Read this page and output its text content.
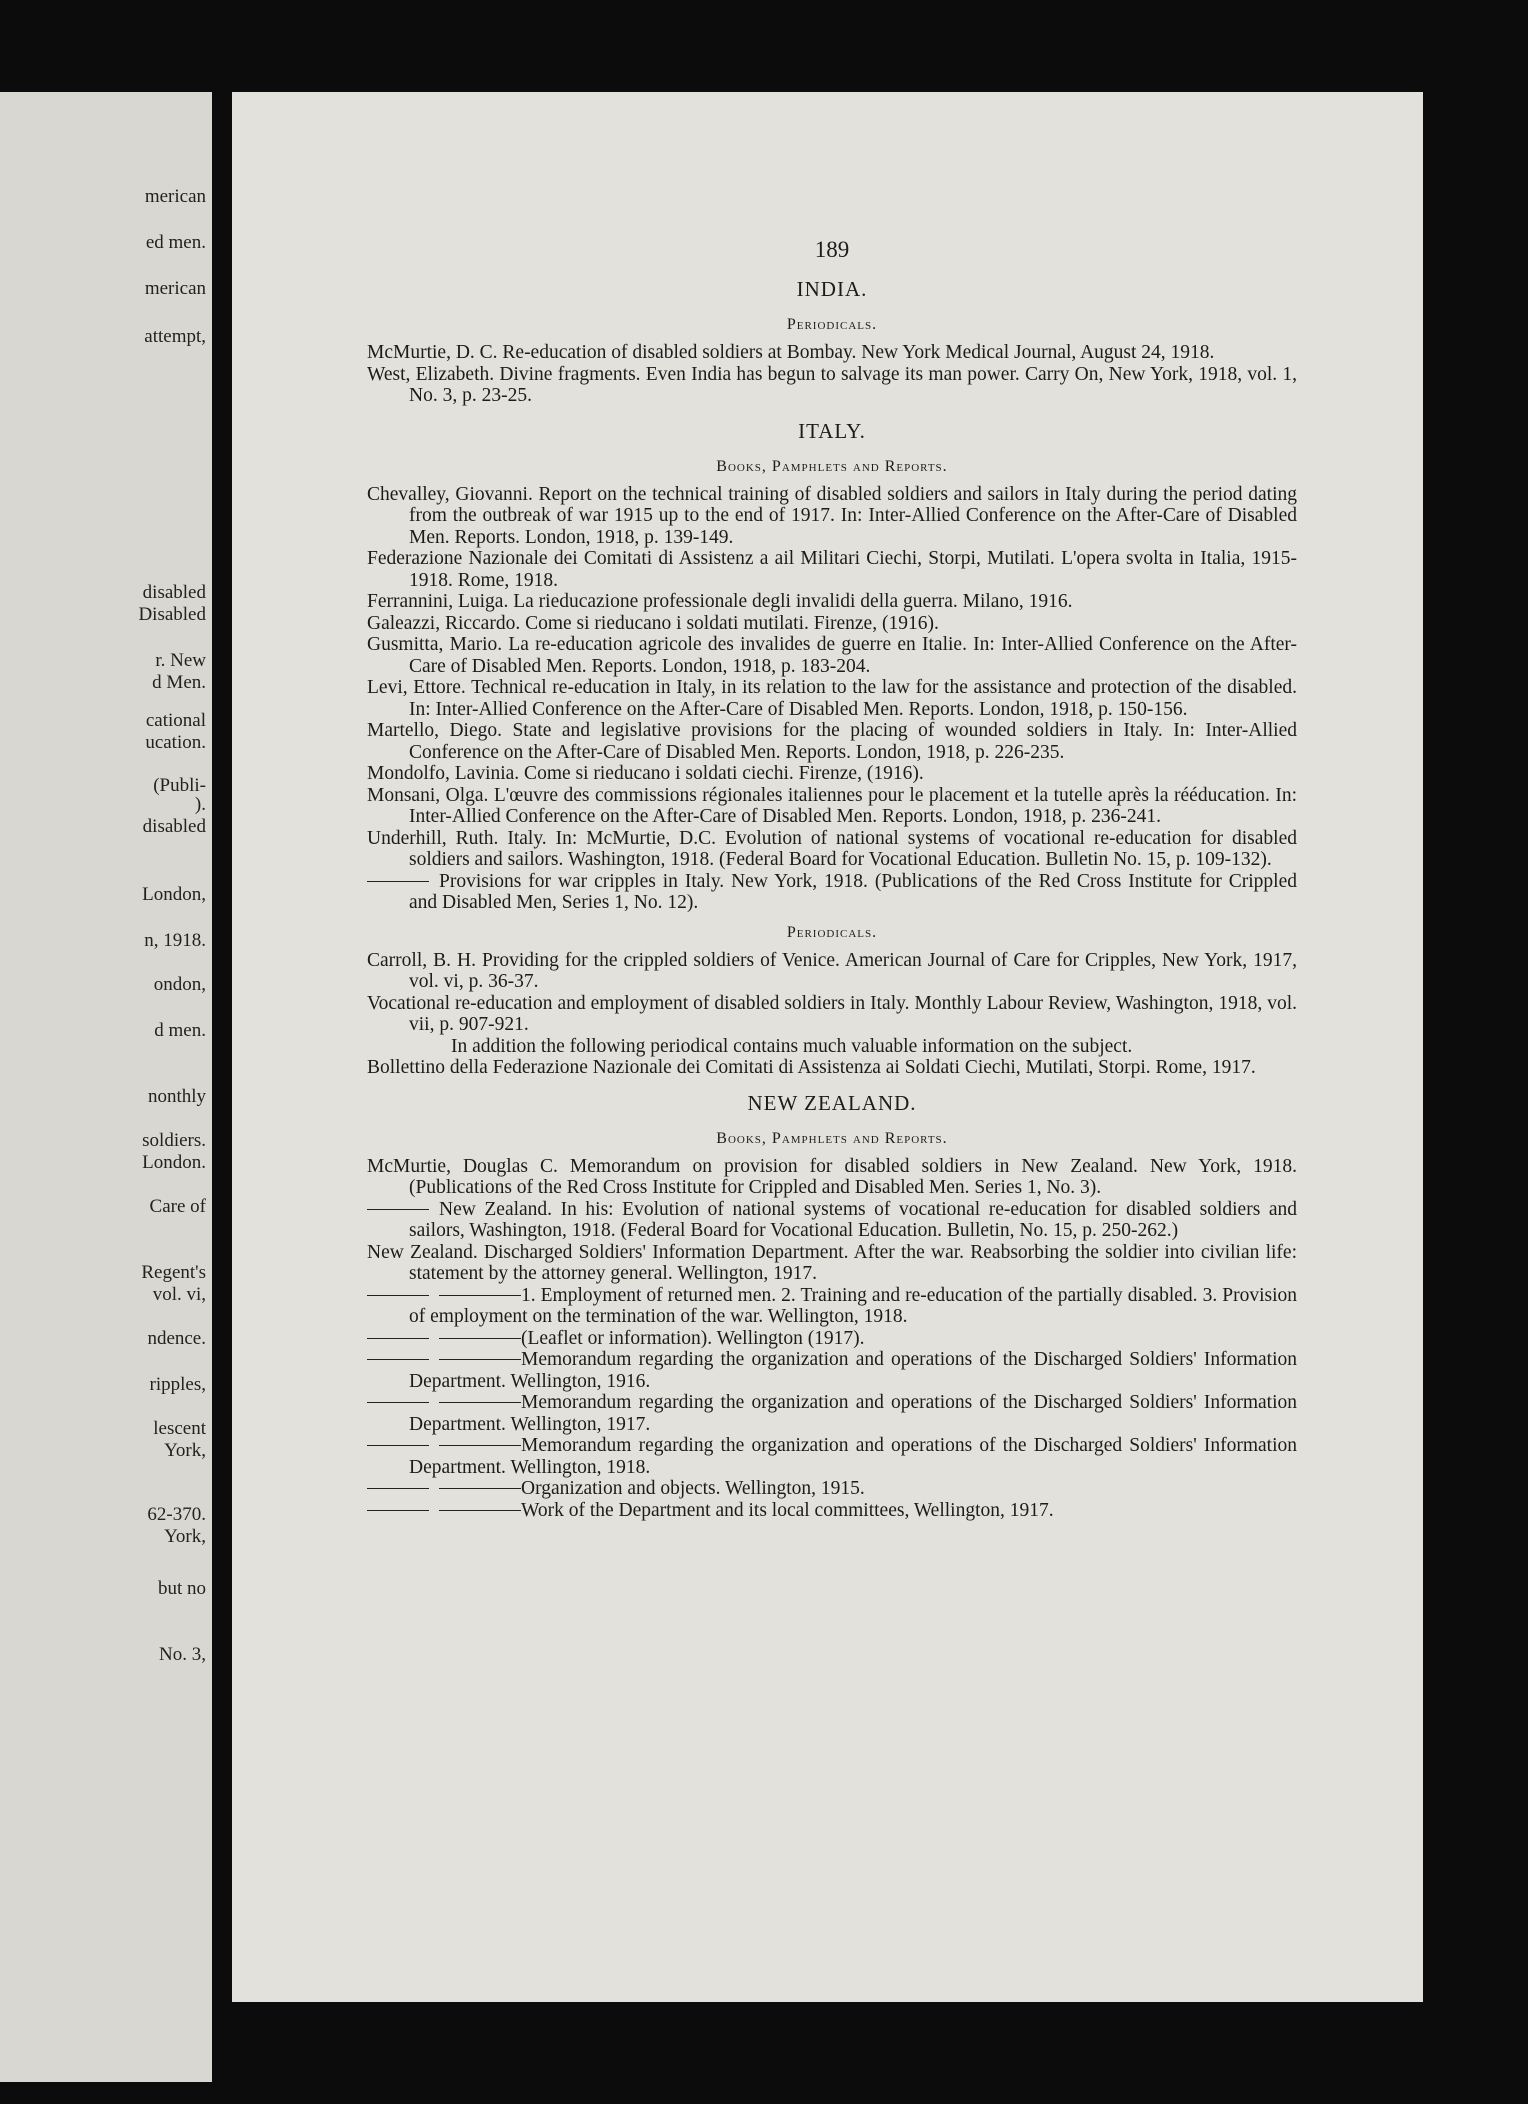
merican
ed men.
merican
attempt,
disabled
Disabled
r. New
d Men.
cational
ucation.
(Publi-
).
disabled
London,
n, 1918.
ondon,
d men.
nonthly
soldiers.
London.
Care of
Regent's
vol. vi,
ndence.
ripples,
lescent
York,
62-370.
York,
but no
No. 3,
189
INDIA.
Periodicals.
McMurtie, D. C. Re-education of disabled soldiers at Bombay. New York Medical Journal, August 24, 1918.
West, Elizabeth. Divine fragments. Even India has begun to salvage its man power. Carry On, New York, 1918, vol. 1, No. 3, p. 23-25.
ITALY.
Books, Pamphlets and Reports.
Chevalley, Giovanni. Report on the technical training of disabled soldiers and sailors in Italy during the period dating from the outbreak of war 1915 up to the end of 1917. In: Inter-Allied Conference on the After-Care of Disabled Men. Reports. London, 1918, p. 139-149.
Federazione Nazionale dei Comitati di Assistenz a ail Militari Ciechi, Storpi, Mutilati. L'opera svolta in Italia, 1915-1918. Rome, 1918.
Ferrannini, Luiga. La rieducazione professionale degli invalidi della guerra. Milano, 1916.
Galeazzi, Riccardo. Come si rieducano i soldati mutilati. Firenze, (1916).
Gusmitta, Mario. La re-education agricole des invalides de guerre en Italie. In: Inter-Allied Conference on the After-Care of Disabled Men. Reports. London, 1918, p. 183-204.
Levi, Ettore. Technical re-education in Italy, in its relation to the law for the assistance and protection of the disabled. In: Inter-Allied Conference on the After-Care of Disabled Men. Reports. London, 1918, p. 150-156.
Martello, Diego. State and legislative provisions for the placing of wounded soldiers in Italy. In: Inter-Allied Conference on the After-Care of Disabled Men. Reports. London, 1918, p. 226-235.
Mondolfo, Lavinia. Come si rieducano i soldati ciechi. Firenze, (1916).
Monsani, Olga. L'œuvre des commissions régionales italiennes pour le placement et la tutelle après la rééducation. In: Inter-Allied Conference on the After-Care of Disabled Men. Reports. London, 1918, p. 236-241.
Underhill, Ruth. Italy. In: McMurtie, D.C. Evolution of national systems of vocational re-education for disabled soldiers and sailors. Washington, 1918. (Federal Board for Vocational Education. Bulletin No. 15, p. 109-132).
Provisions for war cripples in Italy. New York, 1918. (Publications of the Red Cross Institute for Crippled and Disabled Men, Series 1, No. 12).
Periodicals.
Carroll, B. H. Providing for the crippled soldiers of Venice. American Journal of Care for Cripples, New York, 1917, vol. vi, p. 36-37.
Vocational re-education and employment of disabled soldiers in Italy. Monthly Labour Review, Washington, 1918, vol. vii, p. 907-921.
In addition the following periodical contains much valuable information on the subject.
Bollettino della Federazione Nazionale dei Comitati di Assistenza ai Soldati Ciechi, Mutilati, Storpi. Rome, 1917.
NEW ZEALAND.
Books, Pamphlets and Reports.
McMurtie, Douglas C. Memorandum on provision for disabled soldiers in New Zealand. New York, 1918. (Publications of the Red Cross Institute for Crippled and Disabled Men. Series 1, No. 3).
New Zealand. In his: Evolution of national systems of vocational re-education for disabled soldiers and sailors, Washington, 1918. (Federal Board for Vocational Education. Bulletin, No. 15, p. 250-262.)
New Zealand. Discharged Soldiers' Information Department. After the war. Reabsorbing the soldier into civilian life: statement by the attorney general. Wellington, 1917.
1. Employment of returned men. 2. Training and re-education of the partially disabled. 3. Provision of employment on the termination of the war. Wellington, 1918.
(Leaflet or information). Wellington (1917).
Memorandum regarding the organization and operations of the Discharged Soldiers' Information Department. Wellington, 1916.
Memorandum regarding the organization and operations of the Discharged Soldiers' Information Department. Wellington, 1917.
Memorandum regarding the organization and operations of the Discharged Soldiers' Information Department. Wellington, 1918.
Organization and objects. Wellington, 1915.
Work of the Department and its local committees, Wellington, 1917.
